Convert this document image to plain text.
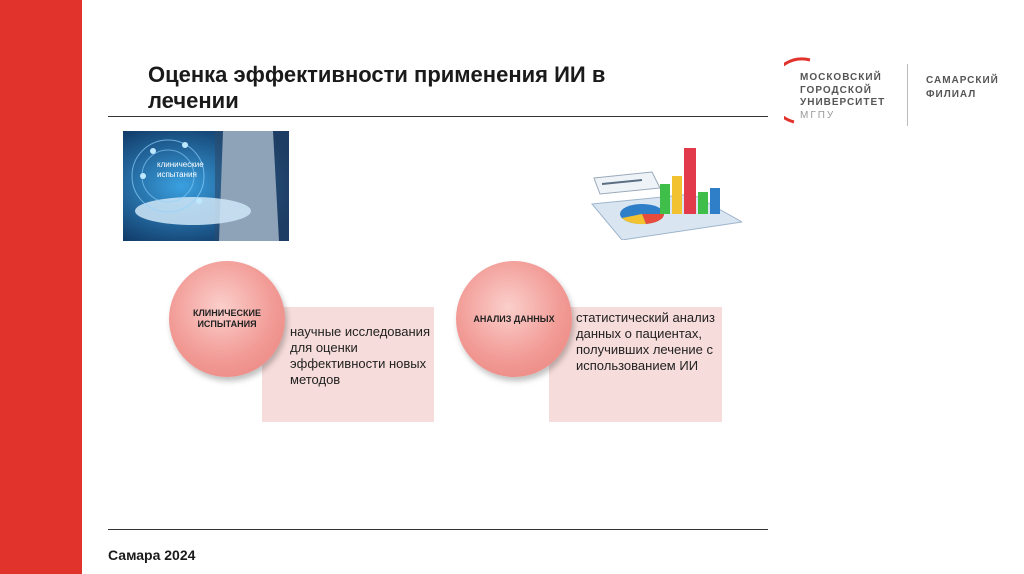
Оценка эффективности применения ИИ в лечении
МОСКОВСКИЙ
ГОРОДСКОЙ
УНИВЕРСИТЕТ
МГПУ
САМАРСКИЙ
ФИЛИАЛ
клинические
испытания
научные исследования для оценки эффективности новых методов
КЛИНИЧЕСКИЕ ИСПЫТАНИЯ	статистический анализ данных о пациентах, получивших лечение с использованием ИИ
АНАЛИЗ ДАННЫХ
Самара 2024
